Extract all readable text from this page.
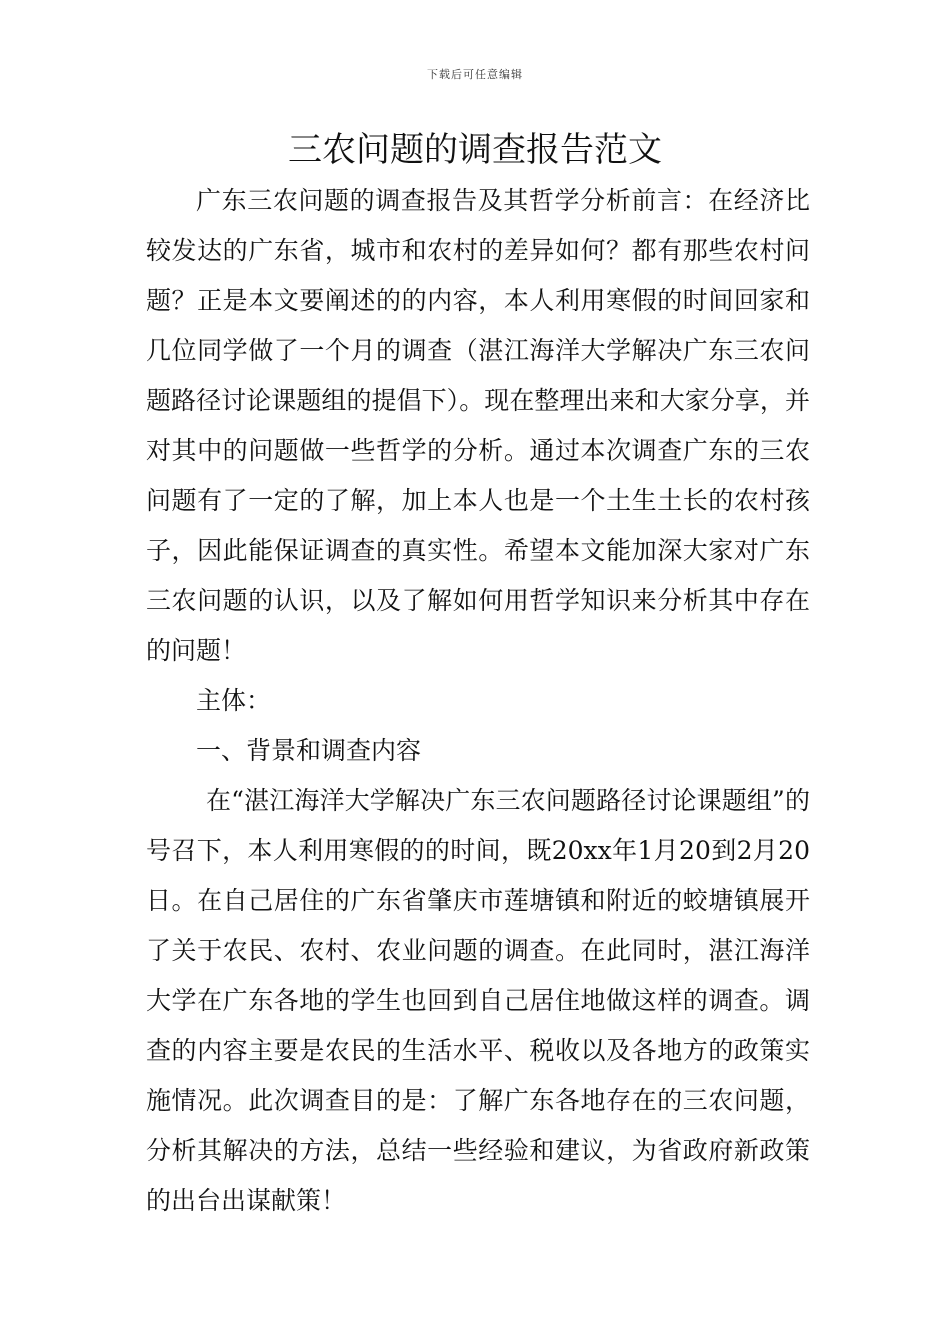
下载后可任意编辑
三农问题的调查报告范文

广东三农问题的调查报告及其哲学分析前言：在经济比较发达的广东省，城市和农村的差异如何？都有那些农村问题？正是本文要阐述的的内容，本人利用寒假的时间回家和几位同学做了一个月的调查（湛江海洋大学解决广东三农问题路径讨论课题组的提倡下）。现在整理出来和大家分享，并对其中的问题做一些哲学的分析。通过本次调查广东的三农问题有了一定的了解，加上本人也是一个土生土长的农村孩子，因此能保证调查的真实性。希望本文能加深大家对广东三农问题的认识，以及了解如何用哲学知识来分析其中存在的问题！

主体：

一、背景和调查内容

在“湛江海洋大学解决广东三农问题路径讨论课题组”的号召下，本人利用寒假的的时间，既20xx年1月20到2月20日。在自己居住的广东省肇庆市莲塘镇和附近的蛟塘镇展开了关于农民、农村、农业问题的调查。在此同时，湛江海洋大学在广东各地的学生也回到自己居住地做这样的调查。调查的内容主要是农民的生活水平、税收以及各地方的政策实施情况。此次调查目的是：了解广东各地存在的三农问题，分析其解决的方法，总结一些经验和建议，为省政府新政策的出台出谋献策！
